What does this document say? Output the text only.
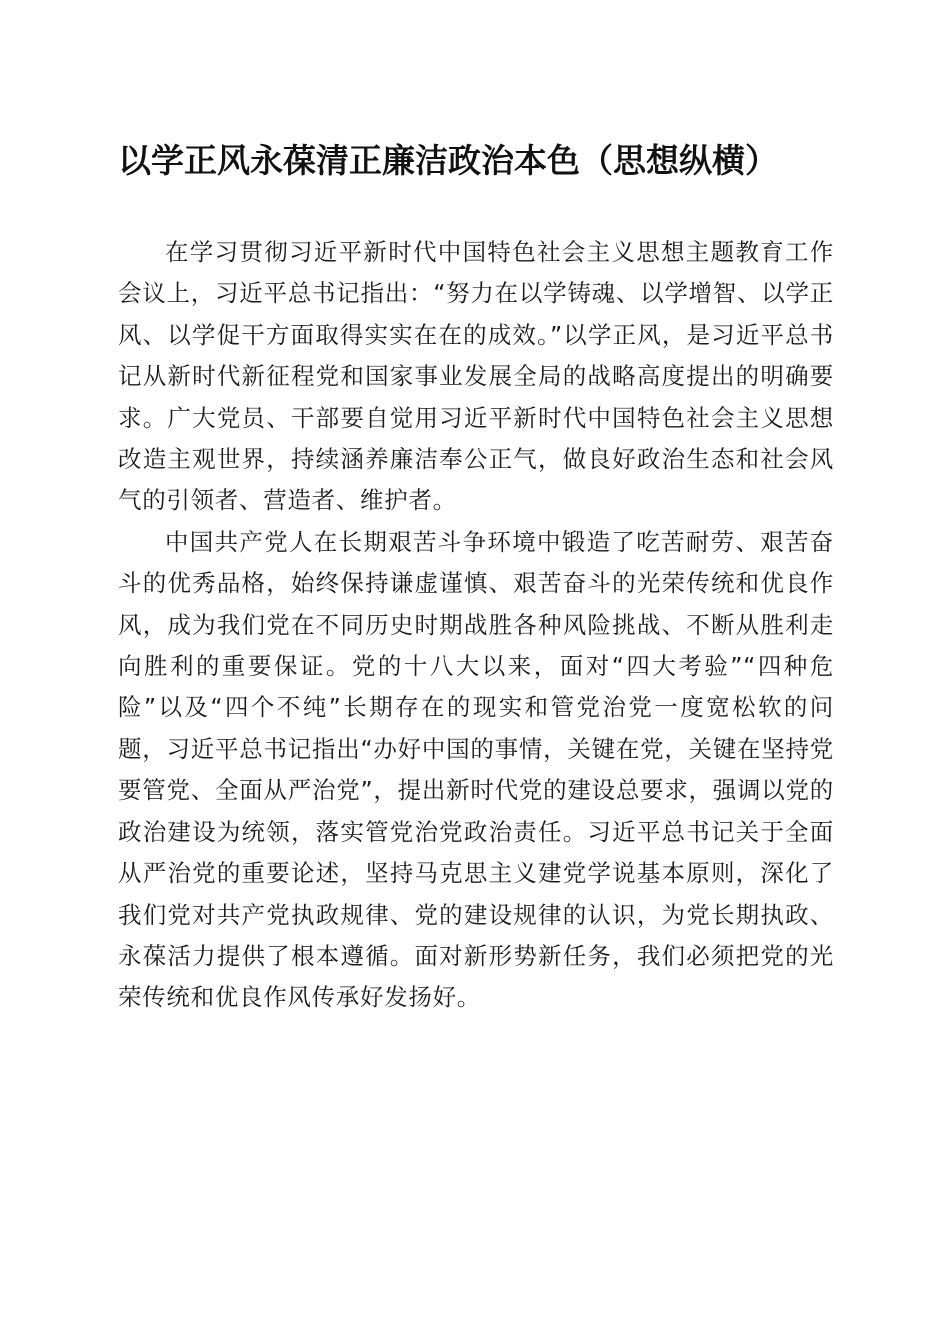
以学正风永葆清正廉洁政治本色（思想纵横）

在学习贯彻习近平新时代中国特色社会主义思想主题教育工作会议上，习近平总书记指出：“努力在以学铸魂、以学增智、以学正风、以学促干方面取得实实在在的成效。”以学正风，是习近平总书记从新时代新征程党和国家事业发展全局的战略高度提出的明确要求。广大党员、干部要自觉用习近平新时代中国特色社会主义思想改造主观世界，持续涵养廉洁奉公正气，做良好政治生态和社会风气的引领者、营造者、维护者。

中国共产党人在长期艰苦斗争环境中锻造了吃苦耐劳、艰苦奋斗的优秀品格，始终保持谦虚谨慎、艰苦奋斗的光荣传统和优良作风，成为我们党在不同历史时期战胜各种风险挑战、不断从胜利走向胜利的重要保证。党的十八大以来，面对“四大考验”“四种危险”以及“四个不纯”长期存在的现实和管党治党一度宽松软的问题，习近平总书记指出“办好中国的事情，关键在党，关键在坚持党要管党、全面从严治党”，提出新时代党的建设总要求，强调以党的政治建设为统领，落实管党治党政治责任。习近平总书记关于全面从严治党的重要论述，坚持马克思主义建党学说基本原则，深化了我们党对共产党执政规律、党的建设规律的认识，为党长期执政、永葆活力提供了根本遵循。面对新形势新任务，我们必须把党的光荣传统和优良作风传承好发扬好。
